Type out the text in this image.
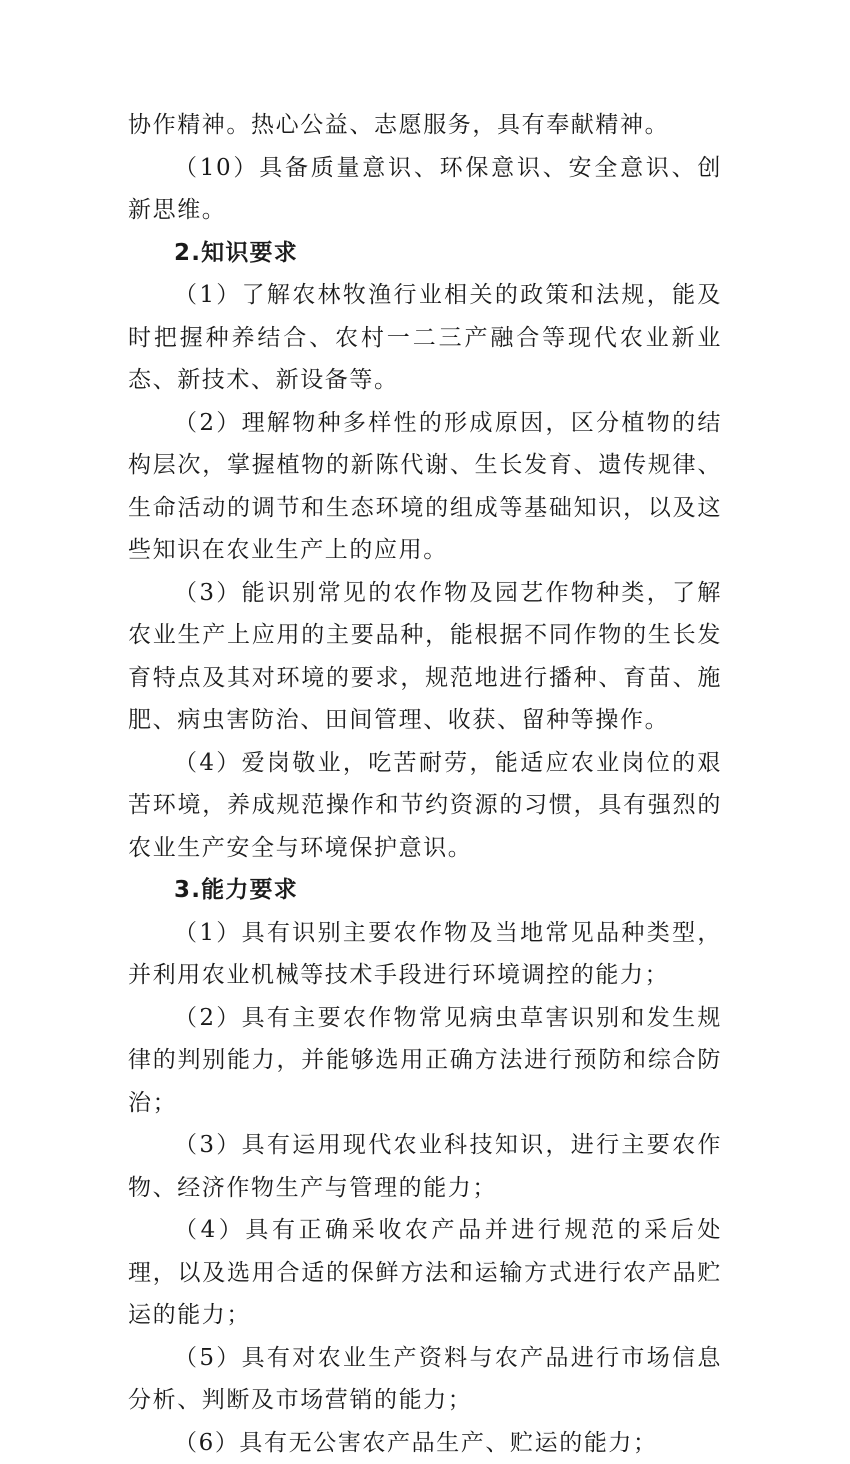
协作精神。热心公益、志愿服务，具有奉献精神。

（10）具备质量意识、环保意识、安全意识、创新思维。

2.知识要求

（1）了解农林牧渔行业相关的政策和法规，能及时把握种养结合、农村一二三产融合等现代农业新业态、新技术、新设备等。

（2）理解物种多样性的形成原因，区分植物的结构层次，掌握植物的新陈代谢、生长发育、遗传规律、生命活动的调节和生态环境的组成等基础知识，以及这些知识在农业生产上的应用。

（3）能识别常见的农作物及园艺作物种类，了解农业生产上应用的主要品种，能根据不同作物的生长发育特点及其对环境的要求，规范地进行播种、育苗、施肥、病虫害防治、田间管理、收获、留种等操作。

（4）爱岗敬业，吃苦耐劳，能适应农业岗位的艰苦环境，养成规范操作和节约资源的习惯，具有强烈的农业生产安全与环境保护意识。

3.能力要求

（1）具有识别主要农作物及当地常见品种类型，并利用农业机械等技术手段进行环境调控的能力；

（2）具有主要农作物常见病虫草害识别和发生规律的判别能力，并能够选用正确方法进行预防和综合防治；

（3）具有运用现代农业科技知识，进行主要农作物、经济作物生产与管理的能力；

（4）具有正确采收农产品并进行规范的采后处理，以及选用合适的保鲜方法和运输方式进行农产品贮运的能力；

（5）具有对农业生产资料与农产品进行市场信息分析、判断及市场营销的能力；

（6）具有无公害农产品生产、贮运的能力；
